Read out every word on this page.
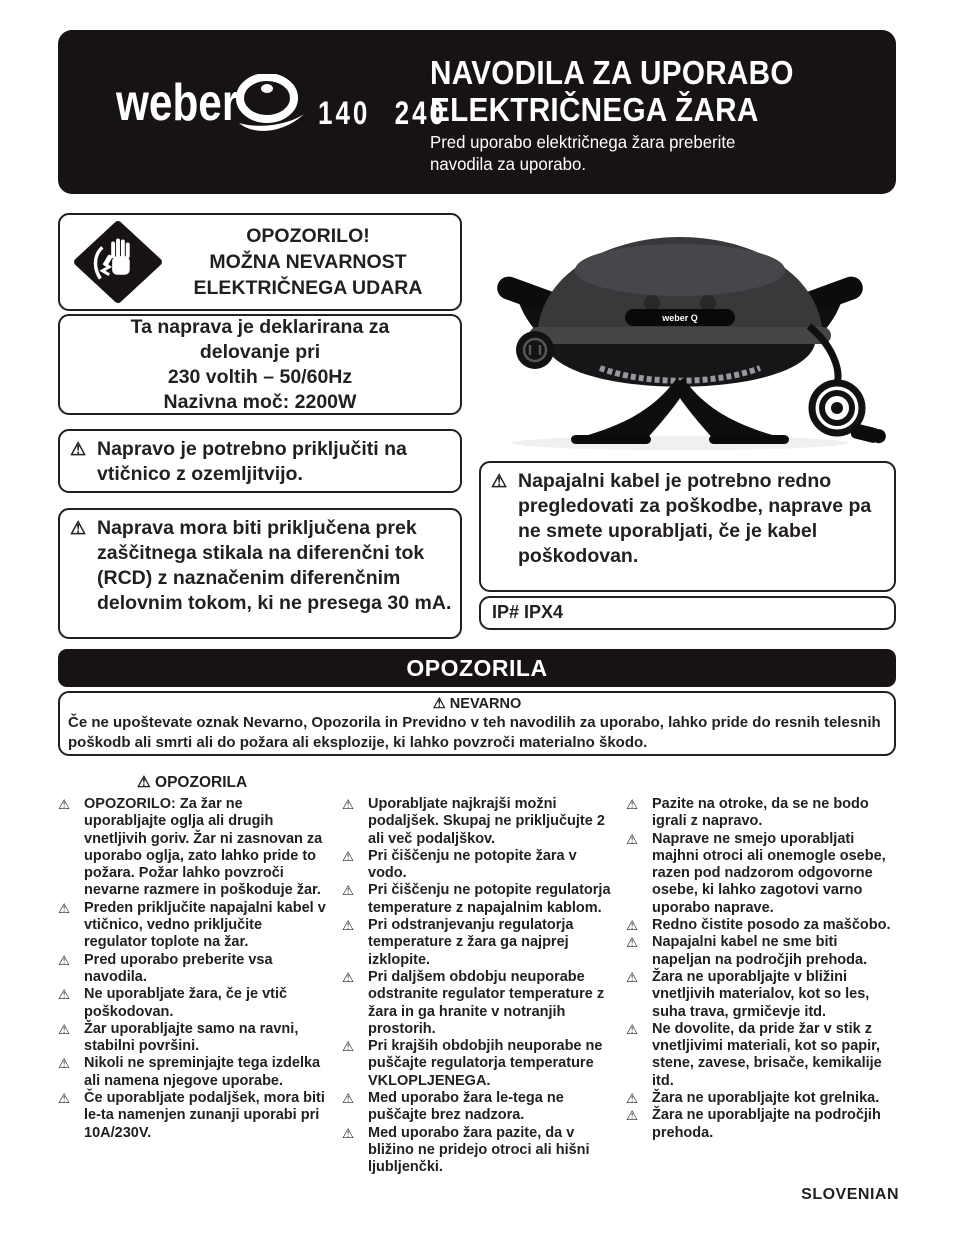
weber	140 240
NAVODILA ZA UPORABO
ELEKTRIČNEGA ŽARA
Pred uporabo električnega žara preberite
navodila za uporabo.
OPOZORILO!
MOŽNA NEVARNOST
ELEKTRIČNEGA UDARA
Ta naprava je deklarirana za
delovanje pri
230 voltih – 50/60Hz
Nazivna moč: 2200W
⚠ Napravo je potrebno priključiti na vtičnico z ozemljitvijo.
⚠ Naprava mora biti priključena prek zaščitnega stikala na diferenčni tok (RCD) z naznačenim diferenčnim delovnim tokom, ki ne presega 30 mA.
weber Q
⚠ Napajalni kabel je potrebno redno pregledovati za poškodbe, naprave pa ne smete uporabljati, če je kabel poškodovan.
IP# IPX4
OPOZORILA
⚠ NEVARNO
Če ne upoštevate oznak Nevarno, Opozorila in Previdno v teh navodilih za uporabo, lahko pride do resnih telesnih poškodb ali smrti ali do požara ali eksplozije, ki lahko povzroči materialno škodo.
⚠ OPOZORILA
⚠ OPOZORILO: Za žar ne uporabljajte oglja ali drugih vnetljivih goriv. Žar ni zasnovan za uporabo oglja, zato lahko pride to požara. Požar lahko povzroči nevarne razmere in poškoduje žar.
⚠ Preden priključite napajalni kabel v vtičnico, vedno priključite regulator toplote na žar.
⚠ Pred uporabo preberite vsa navodila.
⚠ Ne uporabljate žara, če je vtič poškodovan.
⚠ Žar uporabljajte samo na ravni, stabilni površini.
⚠ Nikoli ne spreminjajte tega izdelka ali namena njegove uporabe.
⚠ Če uporabljate podaljšek, mora biti le-ta namenjen zunanji uporabi pri 10A/230V.
⚠ Uporabljate najkrajši možni podaljšek. Skupaj ne priključujte 2 ali več podaljškov.
⚠ Pri čiščenju ne potopite žara v vodo.
⚠ Pri čiščenju ne potopite regulatorja temperature z napajalnim kablom.
⚠ Pri odstranjevanju regulatorja temperature z žara ga najprej izklopite.
⚠ Pri daljšem obdobju neuporabe odstranite regulator temperature z žara in ga hranite v notranjih prostorih.
⚠ Pri krajših obdobjih neuporabe ne puščajte regulatorja temperature VKLOPLJENEGA.
⚠ Med uporabo žara le-tega ne puščajte brez nadzora.
⚠ Med uporabo žara pazite, da v bližino ne pridejo otroci ali hišni ljubljenčki.
⚠ Pazite na otroke, da se ne bodo igrali z napravo.
⚠ Naprave ne smejo uporabljati majhni otroci ali onemogle osebe, razen pod nadzorom odgovorne osebe, ki lahko zagotovi varno uporabo naprave.
⚠ Redno čistite posodo za maščobo.
⚠ Napajalni kabel ne sme biti napeljan na področjih prehoda.
⚠ Žara ne uporabljajte v bližini vnetljivih materialov, kot so les, suha trava, grmičevje itd.
⚠ Ne dovolite, da pride žar v stik z vnetljivimi materiali, kot so papir, stene, zavese, brisače, kemikalije itd.
⚠ Žara ne uporabljajte kot grelnika.
⚠ Žara ne uporabljajte na področjih prehoda.
SLOVENIAN
